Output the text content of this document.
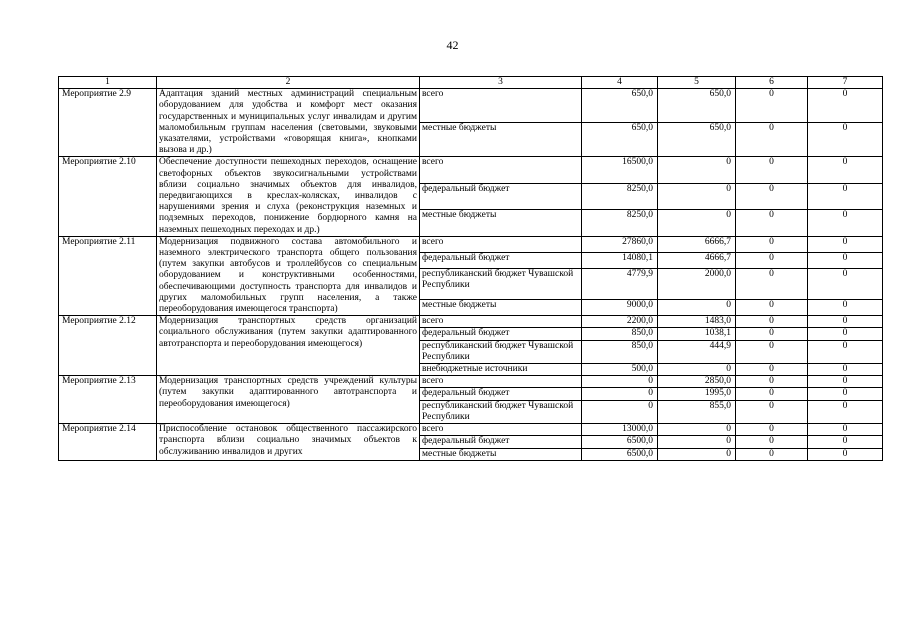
42
1	2	3	4	5	6	7
Мероприятие 2.9	Адаптация зданий местных администраций специальным оборудованием для удобства и комфорт мест оказания государственных и муниципальных услуг инвалидам и другим маломобильным группам населения (световыми, звуковыми указателями, устройствами «говорящая книга», кнопками вызова и др.)	всего	650,0	650,0	0	0
		местные бюджеты	650,0	650,0	0	0
Мероприятие 2.10	Обеспечение доступности пешеходных переходов, оснащение светофорных объектов звукосигнальными устройствами вблизи социально значимых объектов для инвалидов, передвигающихся в креслах-колясках, инвалидов с нарушениями зрения и слуха (реконструкция наземных и подземных переходов, понижение бордюрного камня на наземных пешеходных переходах и др.)	всего	16500,0	0	0	0
		федеральный бюджет	8250,0	0	0	0
		местные бюджеты	8250,0	0	0	0
Мероприятие 2.11	Модернизация подвижного состава автомобильного и наземного электрического транспорта общего пользования (путем закупки автобусов и троллейбусов со специальным оборудованием и конструктивными особенностями, обеспечивающими доступность транспорта для инвалидов и других маломобильных групп населения, а также переоборудования имеющегося транспорта)	всего	27860,0	6666,7	0	0
		федеральный бюджет	14080,1	4666,7	0	0
		республиканский бюджет Чувашской Республики	4779,9	2000,0	0	0
		местные бюджеты	9000,0	0	0	0
Мероприятие 2.12	Модернизация транспортных средств организаций социального обслуживания (путем закупки адаптированного автотранспорта и переоборудования имеющегося)	всего	2200,0	1483,0	0	0
		федеральный бюджет	850,0	1038,1	0	0
		республиканский бюджет Чувашской Республики	850,0	444,9	0	0
		внебюджетные источники	500,0	0	0	0
Мероприятие 2.13	Модернизация транспортных средств учреждений культуры (путем закупки адаптированного автотранспорта и переоборудования имеющегося)	всего	0	2850,0	0	0
		федеральный бюджет	0	1995,0	0	0
		республиканский бюджет Чувашской Республики	0	855,0	0	0
Мероприятие 2.14	Приспособление остановок общественного пассажирского транспорта вблизи социально значимых объектов к обслуживанию инвалидов и других	всего	13000,0	0	0	0
		федеральный бюджет	6500,0	0	0	0
		местные бюджеты	6500,0	0	0	0
